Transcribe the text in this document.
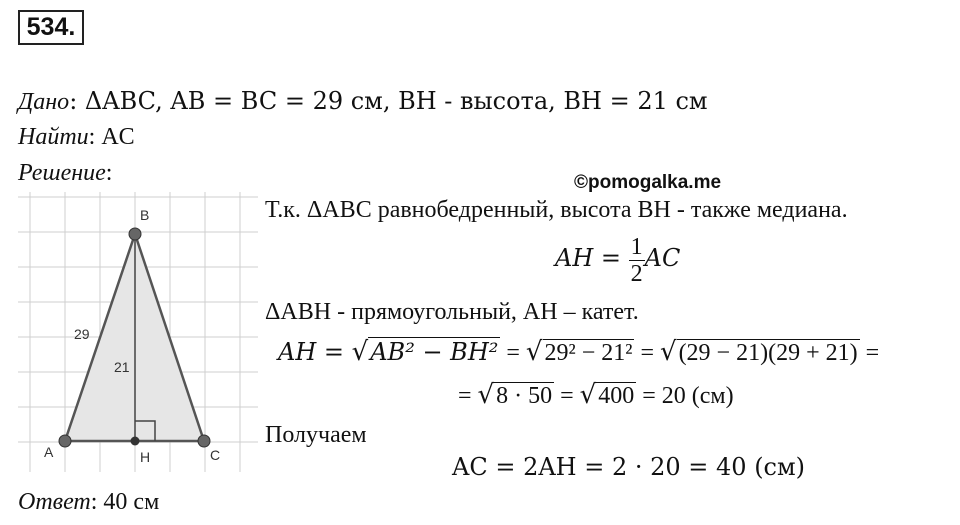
534.
Дано: ΔABC, AB = BC = 29 см, BH - высота, BH = 21 см
Найти: AC
Решение:	©pomogalka.me
B
A	C
H
29
21
Т.к. ΔABC равнобедренный, высота BH - также медиана.
AH = $\frac{1}{2}$ AC
ΔABH - прямоугольный, AH – катет.
AH = √AB² − BH² = √29² − 21² = √(29 − 21)(29 + 21) =
= √8 · 50 = √400 = 20 (см)
Получаем
AC = 2AH = 2 · 20 = 40 (см)
Ответ: 40 см
